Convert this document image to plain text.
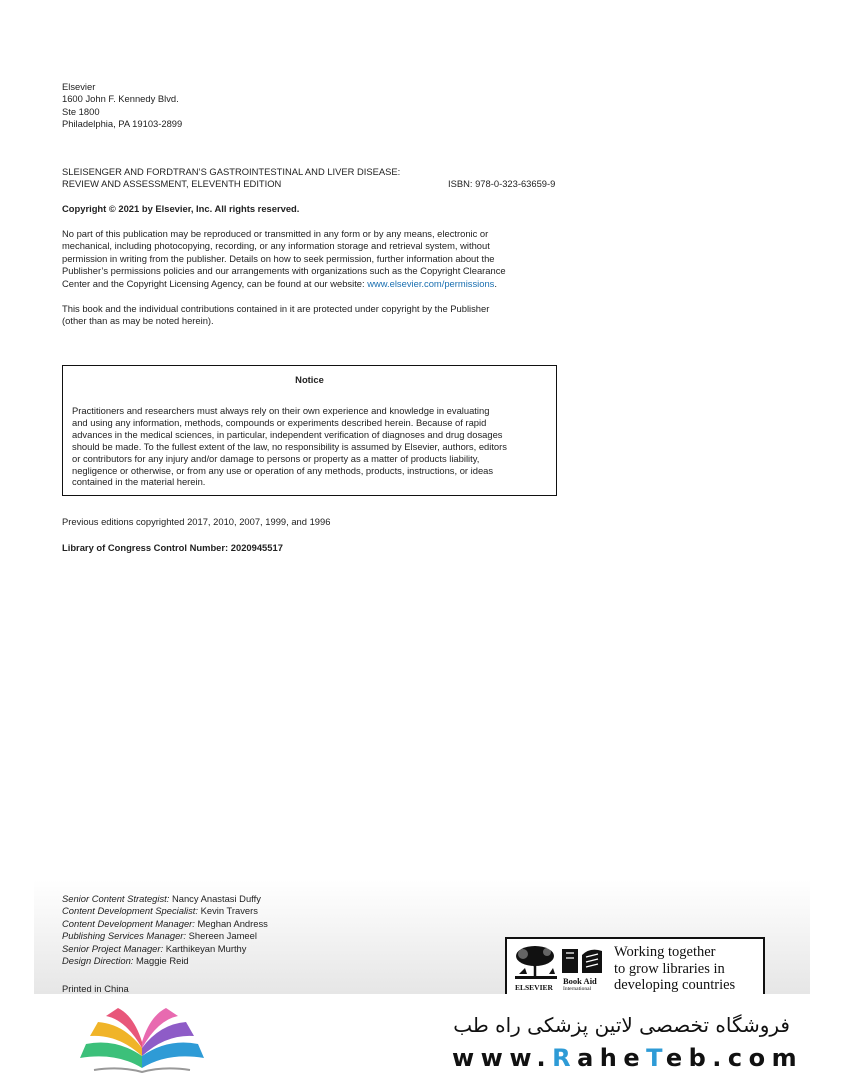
Elsevier
1600 John F. Kennedy Blvd.
Ste 1800
Philadelphia, PA 19103-2899
SLEISENGER AND FORDTRAN’S GASTROINTESTINAL AND LIVER DISEASE:
REVIEW AND ASSESSMENT, ELEVENTH EDITION	ISBN: 978-0-323-63659-9
Copyright © 2021 by Elsevier, Inc. All rights reserved.
No part of this publication may be reproduced or transmitted in any form or by any means, electronic or
mechanical, including photocopying, recording, or any information storage and retrieval system, without
permission in writing from the publisher. Details on how to seek permission, further information about the
Publisher’s permissions policies and our arrangements with organizations such as the Copyright Clearance
Center and the Copyright Licensing Agency, can be found at our website: www.elsevier.com/permissions.
This book and the individual contributions contained in it are protected under copyright by the Publisher
(other than as may be noted herein).
Notice
Practitioners and researchers must always rely on their own experience and knowledge in evaluating
and using any information, methods, compounds or experiments described herein. Because of rapid
advances in the medical sciences, in particular, independent verification of diagnoses and drug dosages
should be made. To the fullest extent of the law, no responsibility is assumed by Elsevier, authors, editors
or contributors for any injury and/or damage to persons or property as a matter of products liability,
negligence or otherwise, or from any use or operation of any methods, products, instructions, or ideas
contained in the material herein.
Previous editions copyrighted 2017, 2010, 2007, 1999, and 1996
Library of Congress Control Number: 2020945517
Senior Content Strategist: Nancy Anastasi Duffy
Content Development Specialist: Kevin Travers
Content Development Manager: Meghan Andress
Publishing Services Manager: Shereen Jameel
Senior Project Manager: Karthikeyan Murthy
Design Direction: Maggie Reid
Printed in China	ELSEVIER
Book Aid
International
Working together
to grow libraries in
developing countries
فروشگاه تخصصی لاتین پزشکی راه طب
www.RaheTeb.com
